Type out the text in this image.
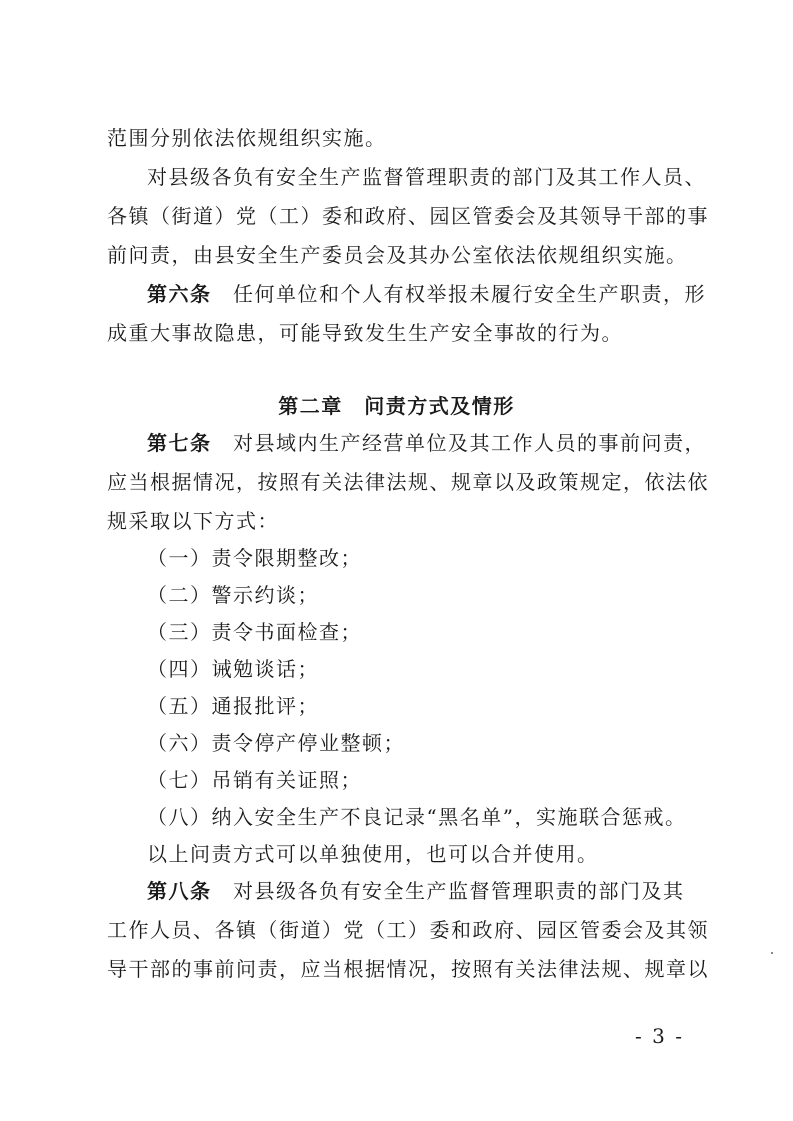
范围分别依法依规组织实施。
对县级各负有安全生产监督管理职责的部门及其工作人员、
各镇（街道）党（工）委和政府、园区管委会及其领导干部的事
前问责，由县安全生产委员会及其办公室依法依规组织实施。
第六条　任何单位和个人有权举报未履行安全生产职责，形
成重大事故隐患，可能导致发生生产安全事故的行为。
第二章　问责方式及情形
第七条　对县域内生产经营单位及其工作人员的事前问责，
应当根据情况，按照有关法律法规、规章以及政策规定，依法依
规采取以下方式：
（一）责令限期整改；
（二）警示约谈；
（三）责令书面检查；
（四）诫勉谈话；
（五）通报批评；
（六）责令停产停业整顿；
（七）吊销有关证照；
（八）纳入安全生产不良记录“黑名单”，实施联合惩戒。
以上问责方式可以单独使用，也可以合并使用。
第八条　对县级各负有安全生产监督管理职责的部门及其
工作人员、各镇（街道）党（工）委和政府、园区管委会及其领
导干部的事前问责，应当根据情况，按照有关法律法规、规章以
- 3 -
